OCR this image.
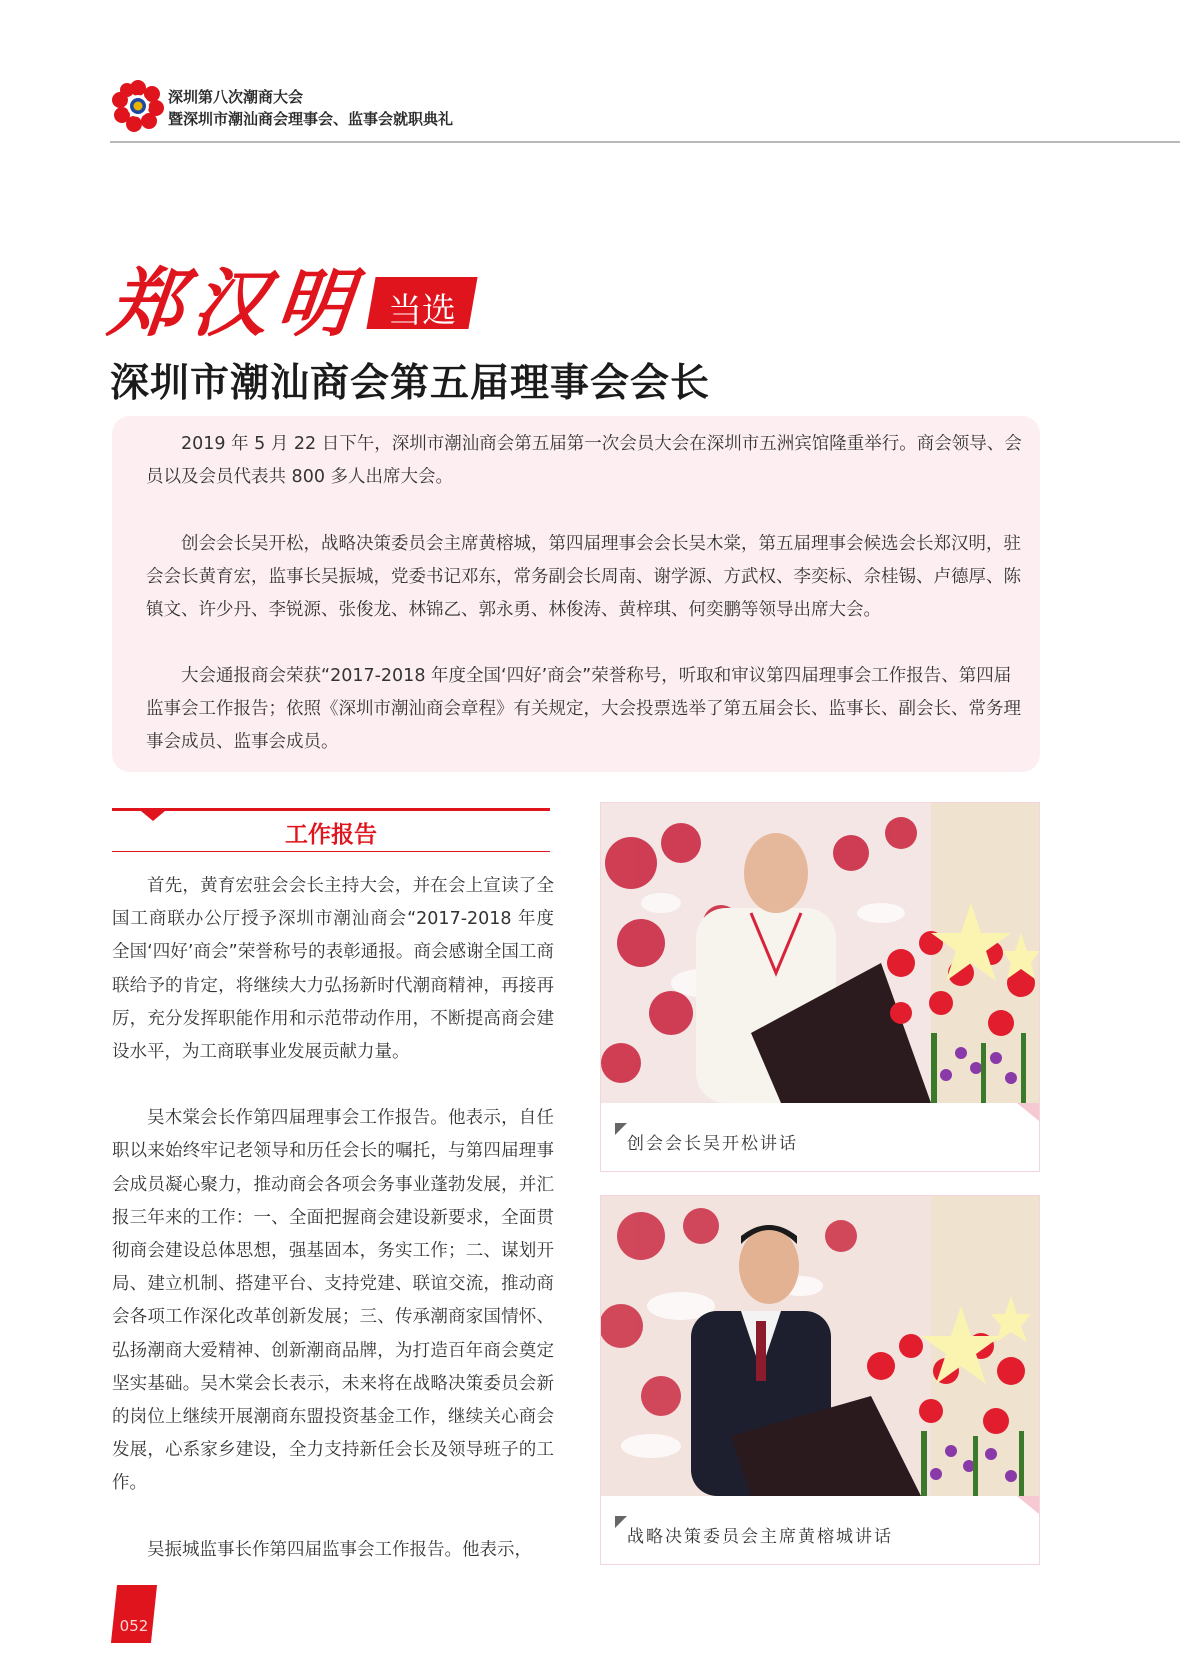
深圳第八次潮商大会
暨深圳市潮汕商会理事会、监事会就职典礼
郑汉明 当选
深圳市潮汕商会第五届理事会会长

2019 年 5 月 22 日下午，深圳市潮汕商会第五届第一次会员大会在深圳市五洲宾馆隆重举行。商会领导、会员以及会员代表共 800 多人出席大会。

创会会长吴开松，战略决策委员会主席黄榕城，第四届理事会会长吴木棠，第五届理事会候选会长郑汉明，驻会会长黄育宏，监事长吴振城，党委书记邓东，常务副会长周南、谢学源、方武权、李奕标、佘桂锡、卢德厚、陈镇文、许少丹、李锐源、张俊龙、林锦乙、郭永勇、林俊涛、黄梓琪、何奕鹏等领导出席大会。

大会通报商会荣获“2017-2018 年度全国‘四好’商会”荣誉称号，听取和审议第四届理事会工作报告、第四届监事会工作报告；依照《深圳市潮汕商会章程》有关规定，大会投票选举了第五届会长、监事长、副会长、常务理事会成员、监事会成员。

工作报告

首先，黄育宏驻会会长主持大会，并在会上宣读了全国工商联办公厅授予深圳市潮汕商会“2017-2018 年度全国‘四好’商会”荣誉称号的表彰通报。商会感谢全国工商联给予的肯定，将继续大力弘扬新时代潮商精神，再接再厉，充分发挥职能作用和示范带动作用，不断提高商会建设水平，为工商联事业发展贡献力量。

吴木棠会长作第四届理事会工作报告。他表示，自任职以来始终牢记老领导和历任会长的嘱托，与第四届理事会成员凝心聚力，推动商会各项会务事业蓬勃发展，并汇报三年来的工作：一、全面把握商会建设新要求，全面贯彻商会建设总体思想，强基固本，务实工作；二、谋划开局、建立机制、搭建平台、支持党建、联谊交流，推动商会各项工作深化改革创新发展；三、传承潮商家国情怀、弘扬潮商大爱精神、创新潮商品牌，为打造百年商会奠定坚实基础。吴木棠会长表示，未来将在战略决策委员会新的岗位上继续开展潮商东盟投资基金工作，继续关心商会发展，心系家乡建设，全力支持新任会长及领导班子的工作。

吴振城监事长作第四届监事会工作报告。他表示，

创会会长吴开松讲话
战略决策委员会主席黄榕城讲话
052
